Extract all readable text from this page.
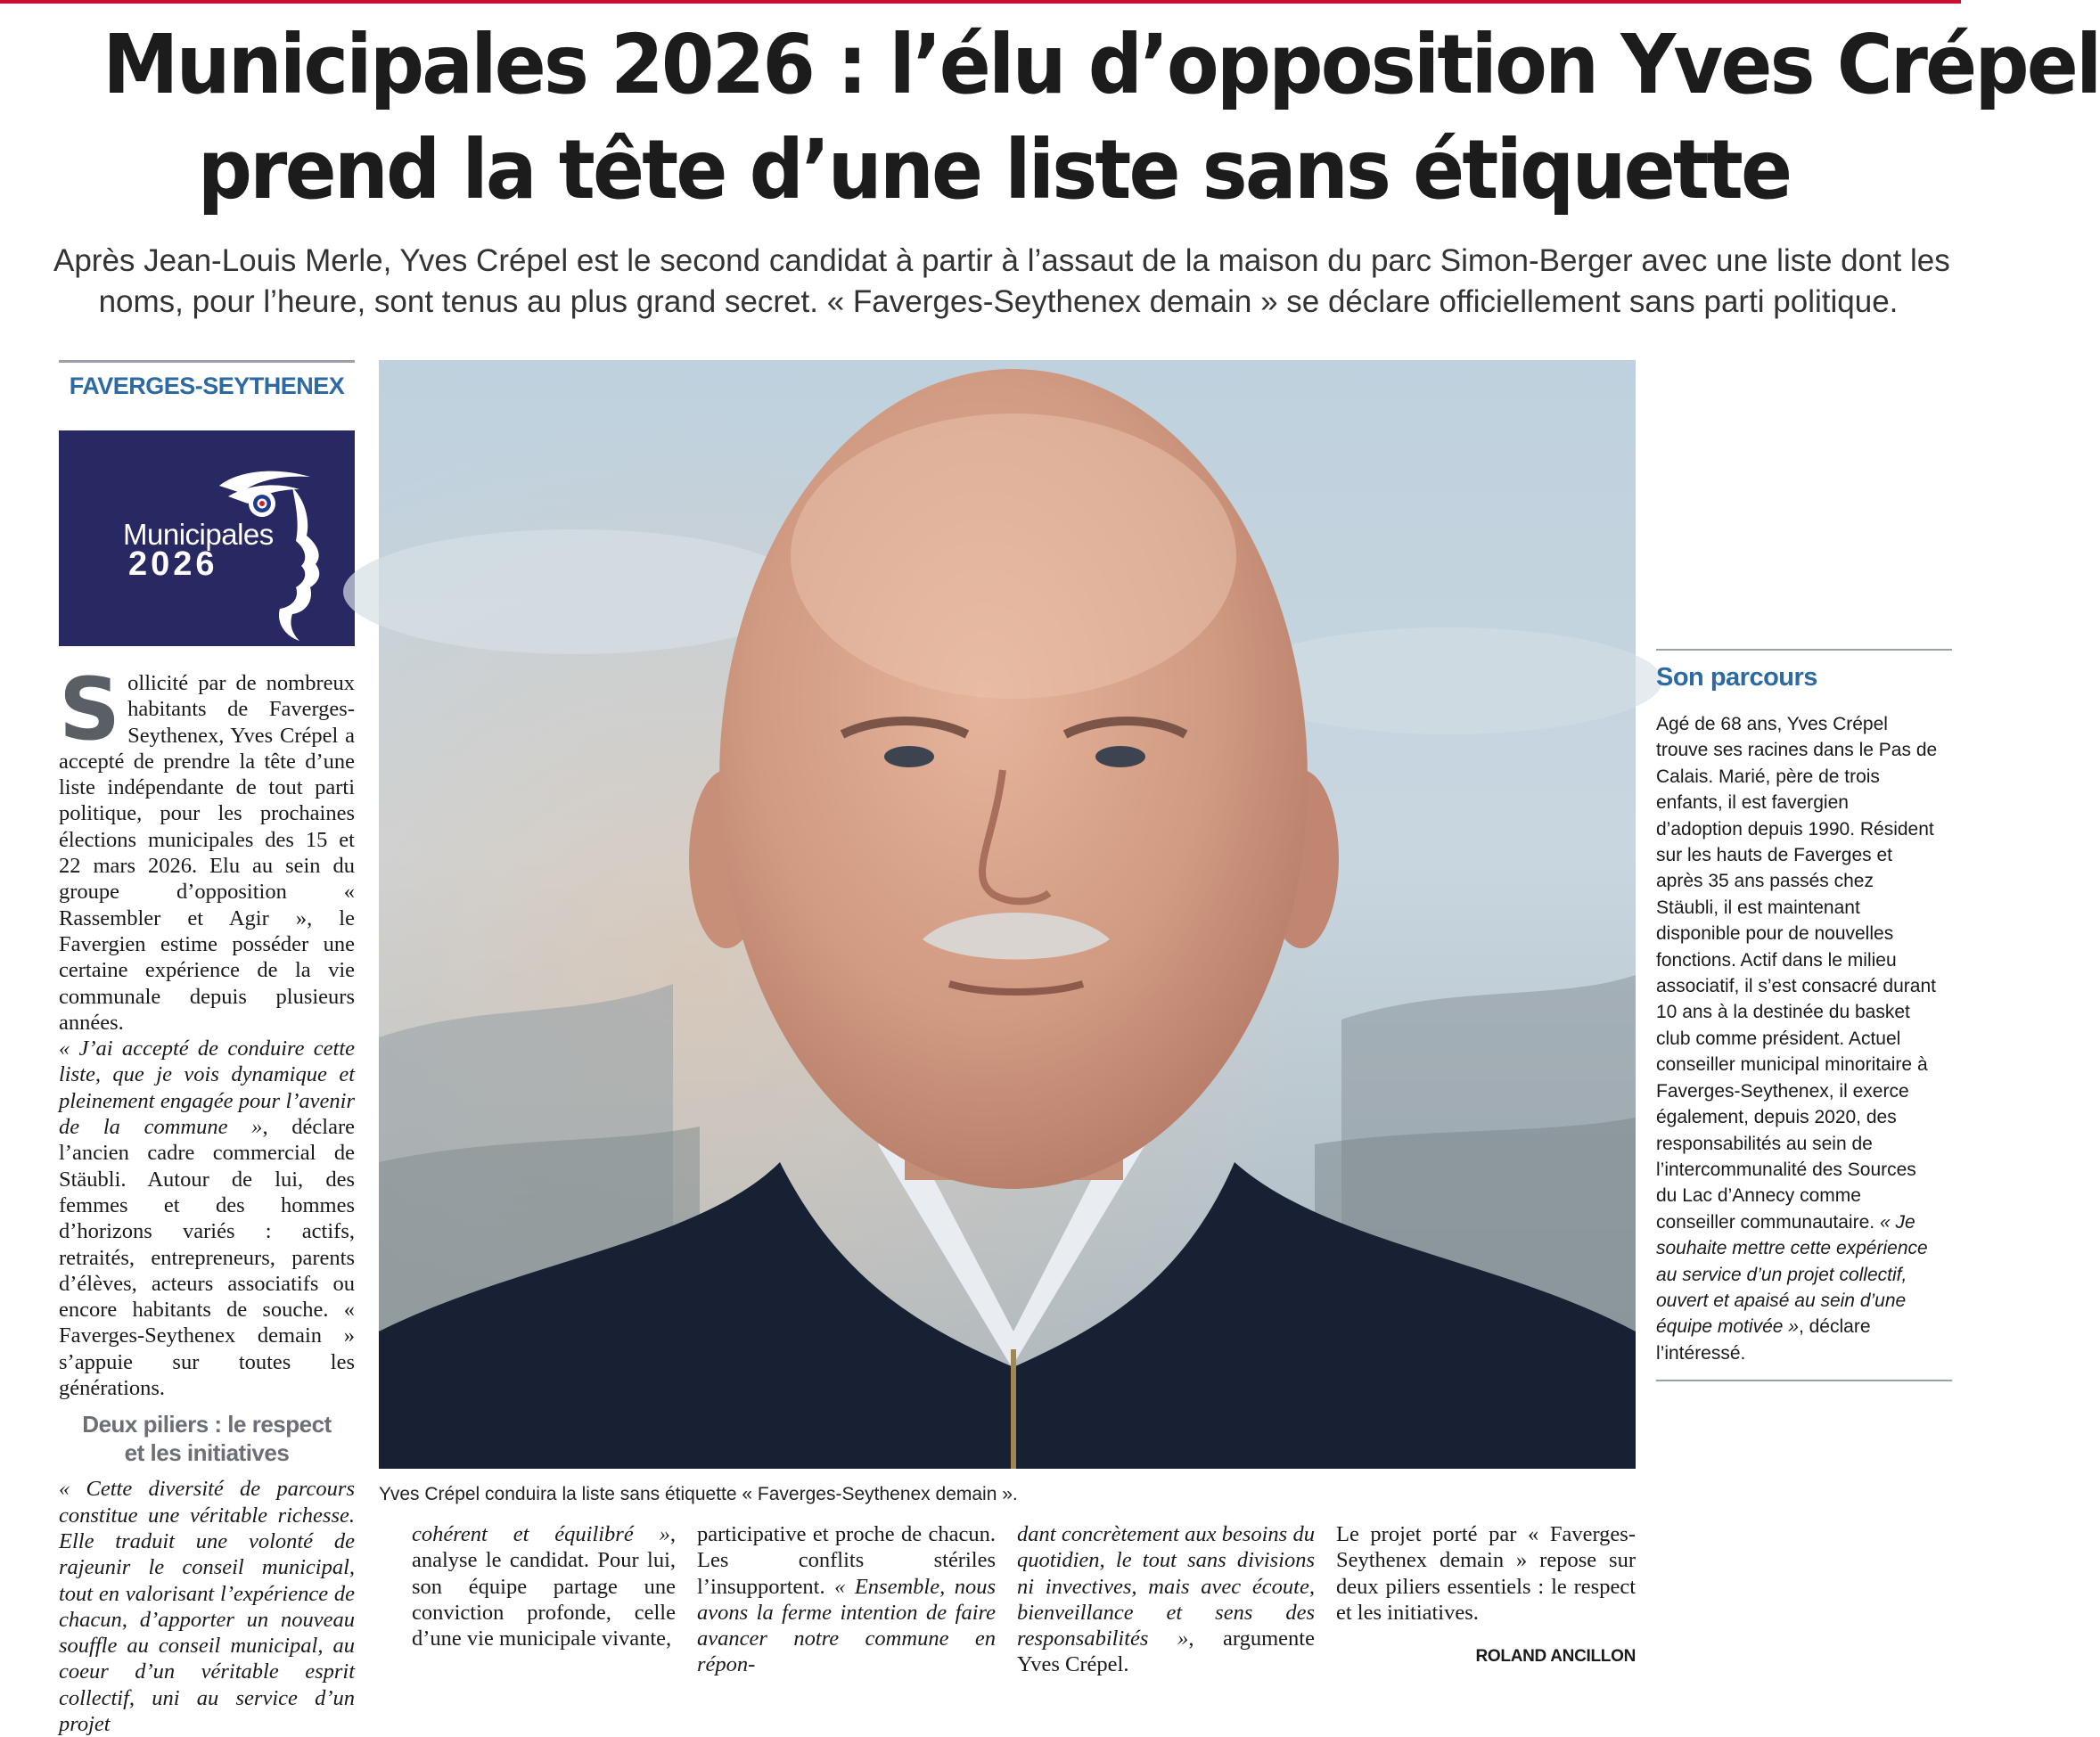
Municipales 2026 : l’élu d’opposition Yves Crépel
prend la tête d’une liste sans étiquette

Après Jean-Louis Merle, Yves Crépel est le second candidat à partir à l’assaut de la maison du parc Simon-Berger avec une liste dont les
noms, pour l’heure, sont tenus au plus grand secret. « Faverges-Seythenex demain » se déclare officiellement sans parti politique.

FAVERGES-SEYTHENEX
Municipales
2026

Sollicité par de nombreux habitants de Faverges-Seythenex, Yves Crépel a accepté de prendre la tête d’une liste indépendante de tout parti politique, pour les prochaines élections municipales des 15 et 22 mars 2026. Elu au sein du groupe d’opposition « Rassembler et Agir », le Favergien estime posséder une certaine expérience de la vie communale depuis plusieurs années.

« J’ai accepté de conduire cette liste, que je vois dynamique et pleinement engagée pour l’avenir de la commune », déclare l’ancien cadre commercial de Stäubli. Autour de lui, des femmes et des hommes d’horizons variés : actifs, retraités, entrepreneurs, parents d’élèves, acteurs associatifs ou encore habitants de souche. « Faverges-Seythenex demain » s’appuie sur toutes les générations.

Deux piliers : le respect
et les initiatives

« Cette diversité de parcours constitue une véritable richesse. Elle traduit une volonté de rajeunir le conseil municipal, tout en valorisant l’expérience de chacun, d’apporter un nouveau souffle au conseil municipal, au coeur d’un véritable esprit collectif, uni au service d’un projet

Yves Crépel conduira la liste sans étiquette « Faverges-Seythenex demain ».

cohérent et équilibré », analyse le candidat. Pour lui, son équipe partage une conviction profonde, celle d’une vie municipale vivante,

participative et proche de chacun. Les conflits stériles l’insupportent. « Ensemble, nous avons la ferme intention de faire avancer notre commune en répon-

dant concrètement aux besoins du quotidien, le tout sans divisions ni invectives, mais avec écoute, bienveillance et sens des responsabilités », argumente Yves Crépel.

Le projet porté par « Faverges-Seythenex demain » repose sur deux piliers essentiels : le respect et les initiatives.

ROLAND ANCILLON
Son parcours

Agé de 68 ans, Yves Crépel trouve ses racines dans le Pas de Calais. Marié, père de trois enfants, il est favergien d’adoption depuis 1990. Résident sur les hauts de Faverges et après 35 ans passés chez Stäubli, il est maintenant disponible pour de nouvelles fonctions. Actif dans le milieu associatif, il s’est consacré durant 10 ans à la destinée du basket club comme président. Actuel conseiller municipal minoritaire à Faverges-Seythenex, il exerce également, depuis 2020, des responsabilités au sein de l’intercommunalité des Sources du Lac d’Annecy comme conseiller communautaire. « Je souhaite mettre cette expérience au service d’un projet collectif, ouvert et apaisé au sein d’une équipe motivée », déclare l’intéressé.
